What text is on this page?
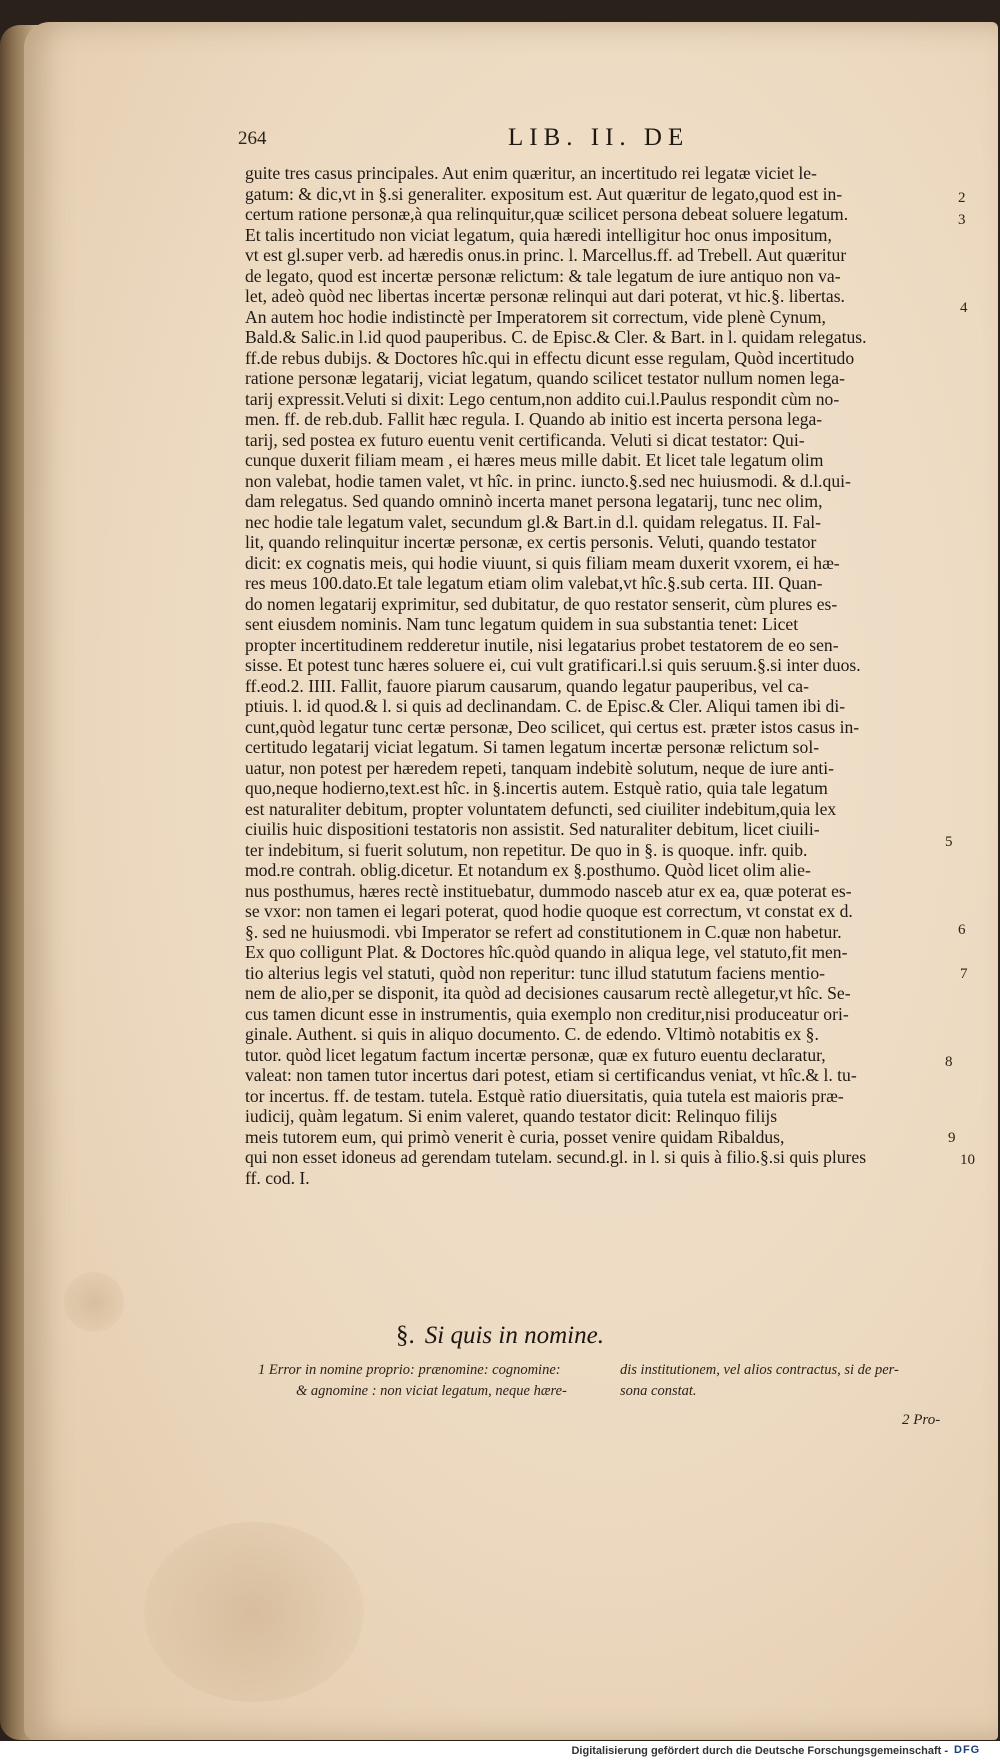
264	LIB. II. DE
guite tres casus principales. Aut enim quæritur, an incertitudo rei legatæ viciet le-
gatum: & dic,vt in §.si generaliter. expositum est. Aut quæritur de legato,quod est in-
certum ratione personæ,à qua relinquitur,quæ scilicet persona debeat soluere legatum.
Et talis incertitudo non viciat legatum, quia hæredi intelligitur hoc onus impositum,
vt est gl.super verb. ad hæredis onus.in princ. l. Marcellus.ff. ad Trebell. Aut quæritur
de legato, quod est incertæ personæ relictum: & tale legatum de iure antiquo non va-
let, adeò quòd nec libertas incertæ personæ relinqui aut dari poterat, vt hic.§. libertas.
An autem hoc hodie indistinctè per Imperatorem sit correctum, vide plenè Cynum,
Bald.& Salic.in l.id quod pauperibus. C. de Episc.& Cler. & Bart. in l. quidam relegatus.
ff.de rebus dubijs. & Doctores hîc.qui in effectu dicunt esse regulam, Quòd incertitudo
ratione personæ legatarij, viciat legatum, quando scilicet testator nullum nomen lega-
tarij expressit.Veluti si dixit: Lego centum,non addito cui.l.Paulus respondit cùm no-
men. ff. de reb.dub. Fallit hæc regula. I. Quando ab initio est incerta persona lega-
tarij, sed postea ex futuro euentu venit certificanda. Veluti si dicat testator: Qui-
cunque duxerit filiam meam , ei hæres meus mille dabit. Et licet tale legatum olim
non valebat, hodie tamen valet, vt hîc. in princ. iuncto.§.sed nec huiusmodi. & d.l.qui-
dam relegatus. Sed quando omninò incerta manet persona legatarij, tunc nec olim,
nec hodie tale legatum valet, secundum gl.& Bart.in d.l. quidam relegatus. II. Fal-
lit, quando relinquitur incertæ personæ, ex certis personis. Veluti, quando testator
dicit: ex cognatis meis, qui hodie viuunt, si quis filiam meam duxerit vxorem, ei hæ-
res meus 100.dato.Et tale legatum etiam olim valebat,vt hîc.§.sub certa. III. Quan-
do nomen legatarij exprimitur, sed dubitatur, de quo restator senserit, cùm plures es-
sent eiusdem nominis. Nam tunc legatum quidem in sua substantia tenet: Licet
propter incertitudinem redderetur inutile, nisi legatarius probet testatorem de eo sen-
sisse. Et potest tunc hæres soluere ei, cui vult gratificari.l.si quis seruum.§.si inter duos.
ff.eod.2. IIII. Fallit, fauore piarum causarum, quando legatur pauperibus, vel ca-
ptiuis. l. id quod.& l. si quis ad declinandam. C. de Episc.& Cler. Aliqui tamen ibi di-
cunt,quòd legatur tunc certæ personæ, Deo scilicet, qui certus est. præter istos casus in-
certitudo legatarij viciat legatum. Si tamen legatum incertæ personæ relictum sol-
uatur, non potest per hæredem repeti, tanquam indebitè solutum, neque de iure anti-
quo,neque hodierno,text.est hîc. in §.incertis autem. Estquè ratio, quia tale legatum
est naturaliter debitum, propter voluntatem defuncti, sed ciuiliter indebitum,quia lex
ciuilis huic dispositioni testatoris non assistit. Sed naturaliter debitum, licet ciuili-
ter indebitum, si fuerit solutum, non repetitur. De quo in §. is quoque. infr. quib.
mod.re contrah. oblig.dicetur. Et notandum ex §.posthumo. Quòd licet olim alie-
nus posthumus, hæres rectè instituebatur, dummodo nasceb atur ex ea, quæ poterat es-
se vxor: non tamen ei legari poterat, quod hodie quoque est correctum, vt constat ex d.
§. sed ne huiusmodi. vbi Imperator se refert ad constitutionem in C.quæ non habetur.
Ex quo colligunt Plat. & Doctores hîc.quòd quando in aliqua lege, vel statuto,fit men-
tio alterius legis vel statuti, quòd non reperitur: tunc illud statutum faciens mentio-
nem de alio,per se disponit, ita quòd ad decisiones causarum rectè allegetur,vt hîc. Se-
cus tamen dicunt esse in instrumentis, quia exemplo non creditur,nisi produceatur ori-
ginale. Authent. si quis in aliquo documento. C. de edendo. Vltimò notabitis ex §.
tutor. quòd licet legatum factum incertæ personæ, quæ ex futuro euentu declaratur,
valeat: non tamen tutor incertus dari potest, etiam si certificandus veniat, vt hîc.& l. tu-
tor incertus. ff. de testam. tutela. Estquè ratio diuersitatis, quia tutela est maioris præ-
iudicij, quàm legatum. Si enim valeret, quando testator dicit: Relinquo filijs
meis tutorem eum, qui primò venerit è curia, posset venire quidam Ribaldus,
qui non esset idoneus ad gerendam tutelam. secund.gl. in l. si quis à filio.§.si quis plures
ff. cod. I.
2
3
4
5
6
7
8
9
10
§. Si quis in nomine.
1 Error in nomine proprio: prænomine: cognomine:
& agnomine : non viciat legatum, neque hære-
dis institutionem, vel alios contractus, si de per-
sona constat.
2 Pro-
Digitalisierung gefördert durch die Deutsche Forschungsgemeinschaft - DFG
